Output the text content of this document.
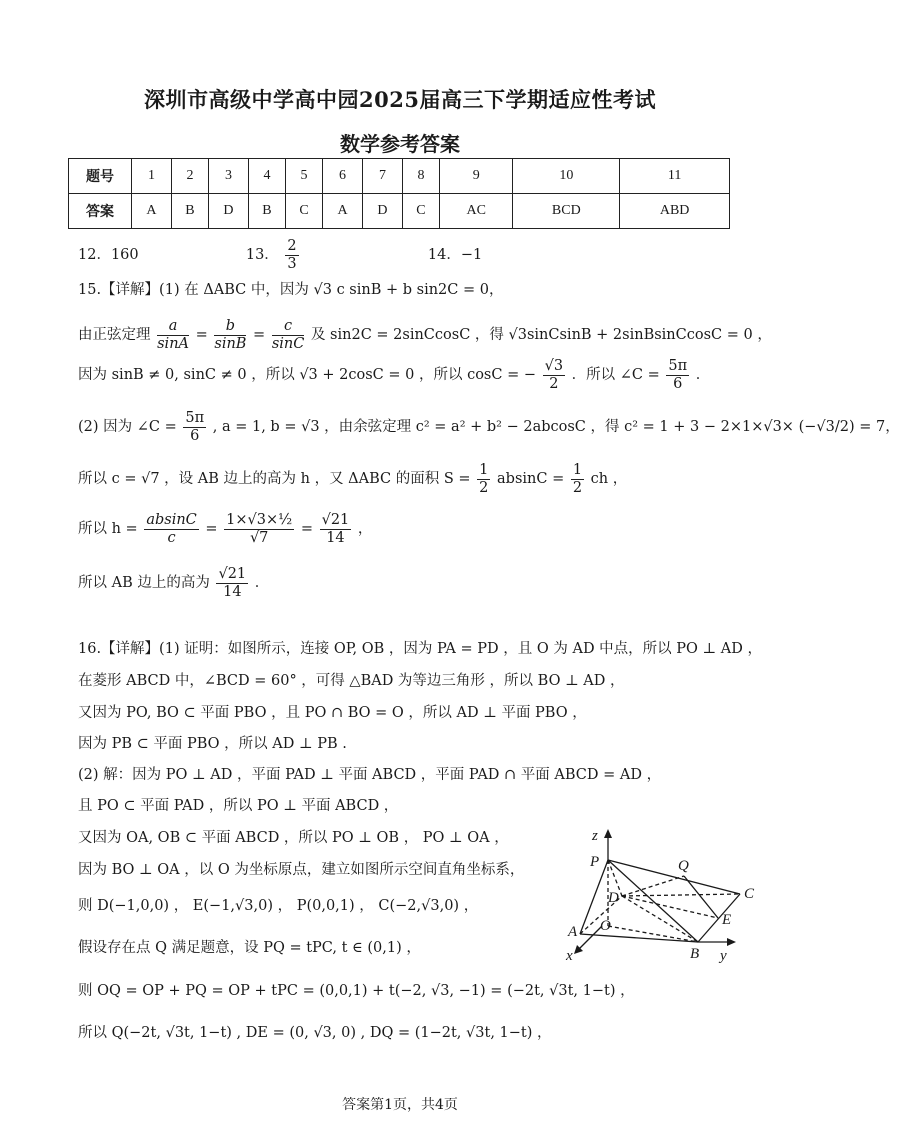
深圳市高级中学高中园2025届高三下学期适应性考试
数学参考答案
题号	1	2	3	4	5	6	7	8	9	10	11
答案	A	B	D	B	C	A	D	C	AC	BCD	ABD
12．160	13． $\frac{2}{3}$	14．−1
15.【详解】(1) 在 ΔABC 中，因为 √3 c sinB + b sin2C = 0，
由正弦定理 $\frac{a}{\sin A} = \frac{b}{\sin B} = \frac{c}{\sin C}$ 及 sin2C = 2sinCcosC ，得 √3sinCsinB + 2sinBsinCcosC = 0 ，
因为 sinB ≠ 0, sinC ≠ 0 ，所以 √3 + 2cosC = 0 ，所以 cosC = − $\frac{√3}{2}$ ．所以 ∠C = $\frac{5\pi}{6}$ ．
(2) 因为 ∠C = $\frac{5\pi}{6}$ , a = 1, b = √3 ，由余弦定理 c² = a² + b² − 2abcosC ，得 c² = 1 + 3 − 2×1×√3× (−√3/2) = 7，
所以 c = √7 ，设 AB 边上的高为 h ，又 ΔABC 的面积 $S = \frac{1}{2}$ $absinC = \frac{1}{2}$ ch ，
所以 $h = \frac{absinC}{c} = \frac{\text{1×√3×½}}{√7} = \frac{√21}{14}$ ，
所以 AB 边上的高为 $\frac{√21}{14}$ ．
16.【详解】(1) 证明：如图所示，连接 OP, OB ，因为 PA = PD ，且 O 为 AD 中点，所以 PO ⊥ AD ，
在菱形 ABCD 中，∠BCD = 60° ，可得 △BAD 为等边三角形 ，所以 BO ⊥ AD ，
又因为 PO, BO ⊂ 平面 PBO ，且 PO ∩ BO = O ，所以 AD ⊥ 平面 PBO ，
因为 PB ⊂ 平面 PBO ，所以 AD ⊥ PB .
(2) 解：因为 PO ⊥ AD ，平面 PAD ⊥ 平面 ABCD ，平面 PAD ∩ 平面 ABCD = AD ，
且 PO ⊂ 平面 PAD ，所以 PO ⊥ 平面 ABCD ，
又因为 OA, OB ⊂ 平面 ABCD ，所以 PO ⊥ OB ， PO ⊥ OA ，
因为 BO ⊥ OA ，以 O 为坐标原点，建立如图所示空间直角坐标系，
则 D(−1,0,0) ， E(−1,√3,0) ， P(0,0,1) ， C(−2,√3,0) ，
假设存在点 Q 满足题意，设 PQ = tPC, t ∈ (0,1) ，
则 OQ = OP + PQ = OP + tPC = (0,0,1) + t(−2, √3, −1) = (−2t, √3t, 1−t) ，
所以 Q(−2t, √3t, 1−t) , DE = (0, √3, 0) , DQ = (1−2t, √3t, 1−t) ，
z
P	Q
C
D
E
O
A
B
x	y
答案第1页，共4页
